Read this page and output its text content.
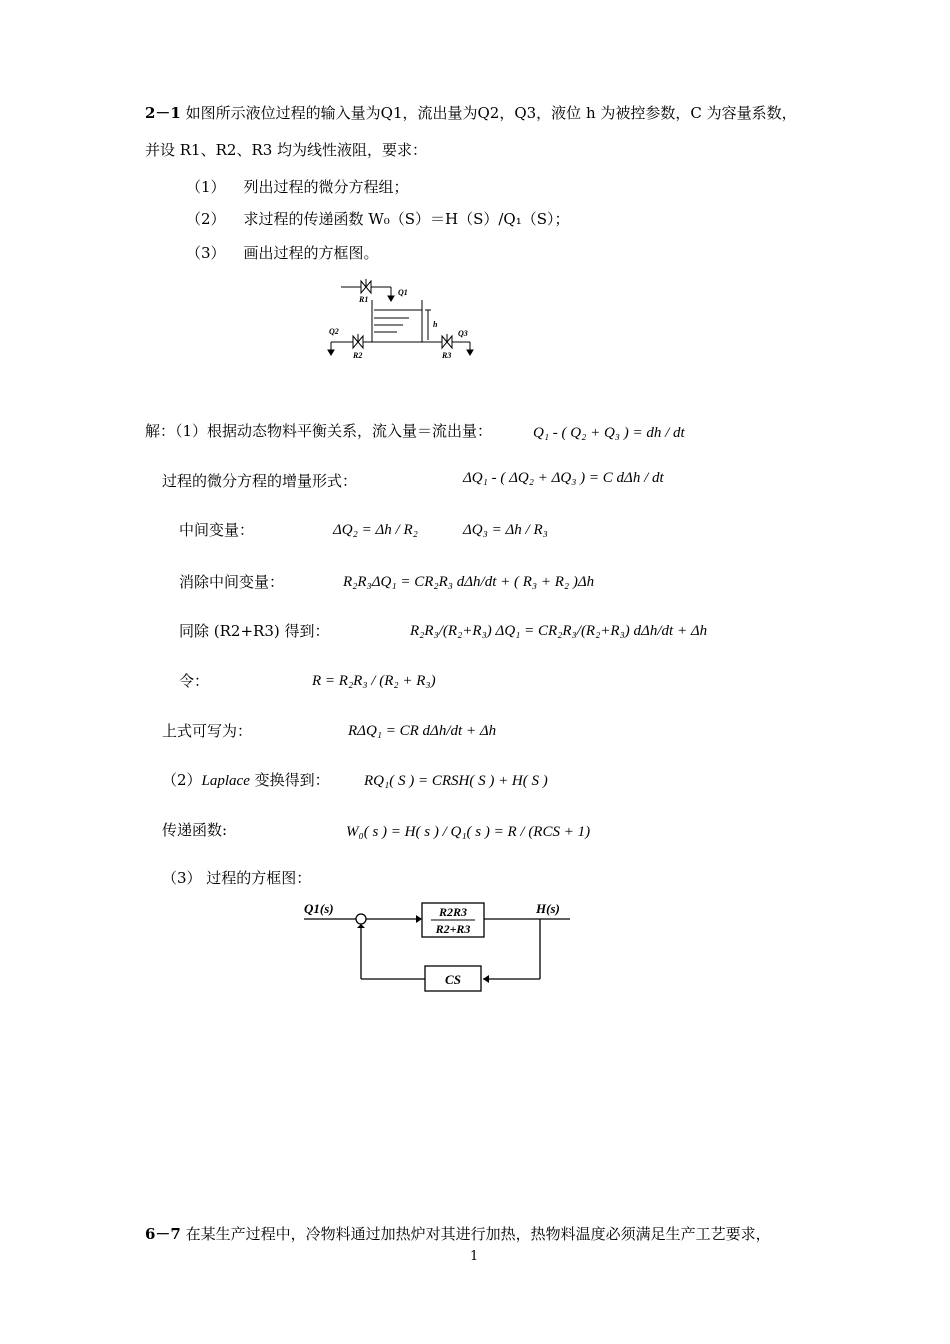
2－1 如图所示液位过程的输入量为Q1，流出量为Q2，Q3，液位 h 为被控参数，C 为容量系数，
并设 R1、R2、R3 均为线性液阻，要求：
（1） 列出过程的微分方程组；
（2） 求过程的传递函数 W₀（S）＝H（S）/Q₁（S）；
（3） 画出过程的方框图。
R1
Q1
h
Q2
R2	R3
Q3
解：（1）根据动态物料平衡关系，流入量＝流出量：	Q₁ - ( Q₂ + Q₃ ) = dh / dt
过程的微分方程的增量形式：	ΔQ₁ - ( ΔQ₂ + ΔQ₃ ) = C dΔh / dt
中间变量：	ΔQ₂ = Δh / R₂	ΔQ₃ = Δh / R₃
消除中间变量：	R₂R₃ΔQ₁ = CR₂R₃ dΔh/dt + ( R₃ + R₂ )Δh
同除 (R2+R3) 得到：	R₂R₃/(R₂+R₃) ΔQ₁ = CR₂R₃/(R₂+R₃) dΔh/dt + Δh
令：	R = R₂R₃ / (R₂ + R₃)
上式可写为：	RΔQ₁ = CR dΔh/dt + Δh
（2）Laplace 变换得到： RQ₁( S ) = CRSH( S ) + H( S )
传递函数:	W₀( s ) = H( s ) / Q₁( s ) = R / (RCS + 1)
（3） 过程的方框图：
Q1(s)	H(s)
R2R3
R2+R3
CS
6－7 在某生产过程中，冷物料通过加热炉对其进行加热，热物料温度必须满足生产工艺要求，
1
